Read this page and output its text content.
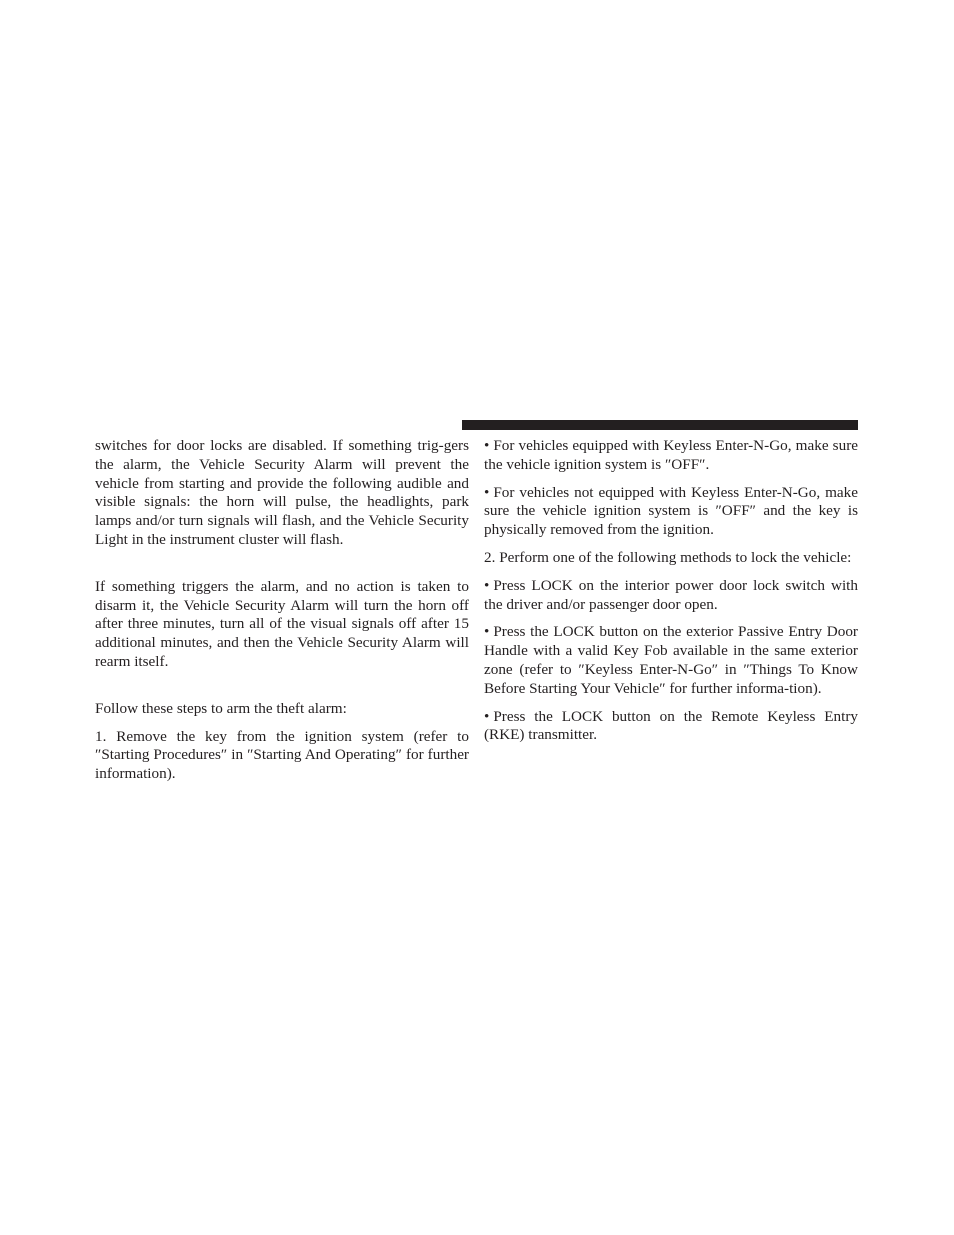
switches for door locks are disabled. If something trig-gers the alarm, the Vehicle Security Alarm will prevent the vehicle from starting and provide the following audible and visible signals: the horn will pulse, the headlights, park lamps and/or turn signals will flash, and the Vehicle Security Light in the instrument cluster will flash.

If something triggers the alarm, and no action is taken to disarm it, the Vehicle Security Alarm will turn the horn off after three minutes, turn all of the visual signals off after 15 additional minutes, and then the Vehicle Security Alarm will rearm itself.

Follow these steps to arm the theft alarm:

1. Remove the key from the ignition system (refer to ″Starting Procedures″ in ″Starting And Operating″ for further information).

• For vehicles equipped with Keyless Enter-N-Go, make sure the vehicle ignition system is ″OFF″.

• For vehicles not equipped with Keyless Enter-N-Go, make sure the vehicle ignition system is ″OFF″ and the key is physically removed from the ignition.

2. Perform one of the following methods to lock the vehicle:

• Press LOCK on the interior power door lock switch with the driver and/or passenger door open.

• Press the LOCK button on the exterior Passive Entry Door Handle with a valid Key Fob available in the same exterior zone (refer to ″Keyless Enter-N-Go″ in ″Things To Know Before Starting Your Vehicle″ for further informa-tion).

• Press the LOCK button on the Remote Keyless Entry (RKE) transmitter.
